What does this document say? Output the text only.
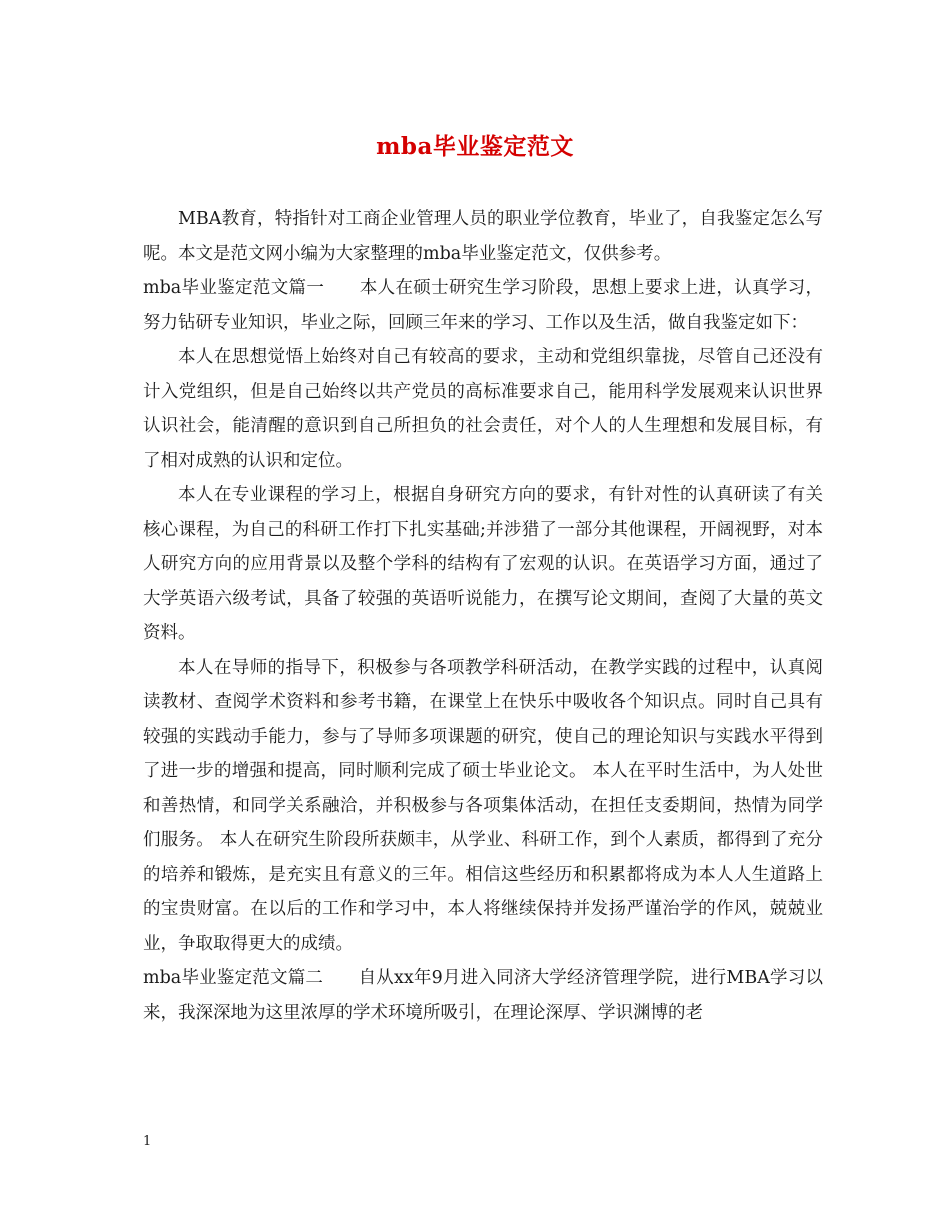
mba毕业鉴定范文

MBA教育，特指针对工商企业管理人员的职业学位教育，毕业了，自我鉴定怎么写呢。本文是范文网小编为大家整理的mba毕业鉴定范文，仅供参考。

mba毕业鉴定范文篇一　　本人在硕士研究生学习阶段，思想上要求上进，认真学习，努力钻研专业知识，毕业之际，回顾三年来的学习、工作以及生活，做自我鉴定如下：

本人在思想觉悟上始终对自己有较高的要求，主动和党组织靠拢，尽管自己还没有计入党组织，但是自己始终以共产党员的高标准要求自己，能用科学发展观来认识世界认识社会，能清醒的意识到自己所担负的社会责任，对个人的人生理想和发展目标，有了相对成熟的认识和定位。

本人在专业课程的学习上，根据自身研究方向的要求，有针对性的认真研读了有关核心课程，为自己的科研工作打下扎实基础;并涉猎了一部分其他课程，开阔视野，对本人研究方向的应用背景以及整个学科的结构有了宏观的认识。在英语学习方面，通过了大学英语六级考试，具备了较强的英语听说能力，在撰写论文期间，查阅了大量的英文资料。

本人在导师的指导下，积极参与各项教学科研活动，在教学实践的过程中，认真阅读教材、查阅学术资料和参考书籍，在课堂上在快乐中吸收各个知识点。同时自己具有较强的实践动手能力，参与了导师多项课题的研究，使自己的理论知识与实践水平得到了进一步的增强和提高，同时顺利完成了硕士毕业论文。 本人在平时生活中，为人处世和善热情，和同学关系融洽，并积极参与各项集体活动，在担任支委期间，热情为同学们服务。 本人在研究生阶段所获颇丰，从学业、科研工作，到个人素质，都得到了充分的培养和锻炼，是充实且有意义的三年。相信这些经历和积累都将成为本人人生道路上的宝贵财富。在以后的工作和学习中，本人将继续保持并发扬严谨治学的作风，兢兢业业，争取取得更大的成绩。

mba毕业鉴定范文篇二　　自从xx年9月进入同济大学经济管理学院，进行MBA学习以来，我深深地为这里浓厚的学术环境所吸引，在理论深厚、学识渊博的老

1
